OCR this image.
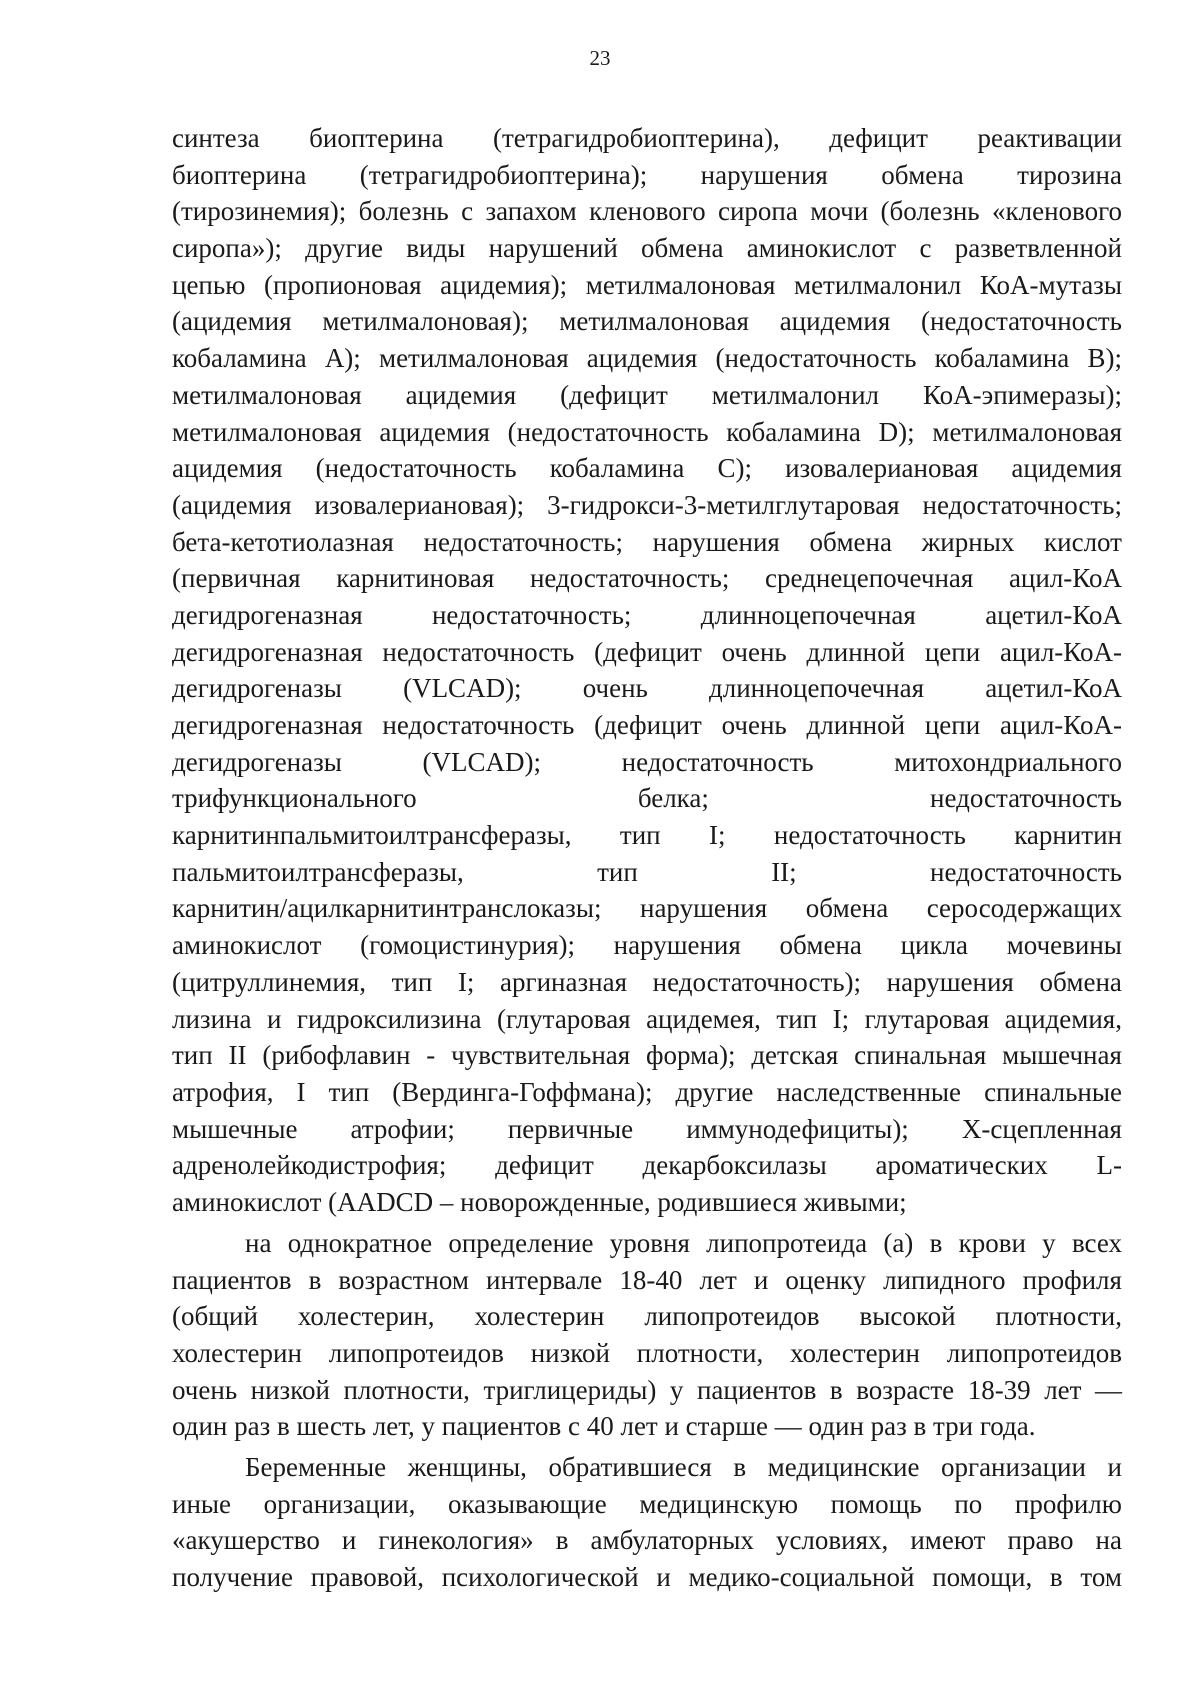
23
синтеза биоптерина (тетрагидробиоптерина), дефицит реактивации
биоптерина (тетрагидробиоптерина); нарушения обмена тирозина
(тирозинемия); болезнь с запахом кленового сиропа мочи (болезнь «кленового
сиропа»); другие виды нарушений обмена аминокислот с разветвленной
цепью (пропионовая ацидемия); метилмалоновая метилмалонил КоА-мутазы
(ацидемия метилмалоновая); метилмалоновая ацидемия (недостаточность
кобаламина А); метилмалоновая ацидемия (недостаточность кобаламина В);
метилмалоновая ацидемия (дефицит метилмалонил КоА-эпимеразы);
метилмалоновая ацидемия (недостаточность кобаламина D); метилмалоновая
ацидемия (недостаточность кобаламина С); изовалериановая ацидемия
(ацидемия изовалериановая); 3-гидрокси-3-метилглутаровая недостаточность;
бета-кетотиолазная недостаточность; нарушения обмена жирных кислот
(первичная карнитиновая недостаточность; среднецепочечная ацил-КоА
дегидрогеназная	недостаточность;	длинноцепочечная	ацетил-КоА
дегидрогеназная недостаточность (дефицит очень длинной цепи ацил-КоА-
дегидрогеназы (VLCAD); очень длинноцепочечная ацетил-КоА
дегидрогеназная недостаточность (дефицит очень длинной цепи ацил-КоА-
дегидрогеназы	(VLCAD);	недостаточность	митохондриального
трифункционального	белка;	недостаточность
карнитинпальмитоилтрансферазы, тип I; недостаточность карнитин
пальмитоилтрансферазы,	тип	II;	недостаточность
карнитин/ацилкарнитинтранслоказы; нарушения обмена серосодержащих
аминокислот (гомоцистинурия); нарушения обмена цикла мочевины
(цитруллинемия, тип I; аргиназная недостаточность); нарушения обмена
лизина и гидроксилизина (глутаровая ацидемея, тип I; глутаровая ацидемия,
тип II (рибофлавин - чувствительная форма); детская спинальная мышечная
атрофия, I тип (Вердинга-Гоффмана); другие наследственные спинальные
мышечные атрофии; первичные иммунодефициты); Х-сцепленная
адренолейкодистрофия; дефицит декарбоксилазы ароматических L-
аминокислот (AADCD – новорожденные, родившиеся живыми;
на однократное определение уровня липопротеида (а) в крови у всех
пациентов в возрастном интервале 18-40 лет и оценку липидного профиля
(общий холестерин, холестерин липопротеидов высокой плотности,
холестерин липопротеидов низкой плотности, холестерин липопротеидов
очень низкой плотности, триглицериды) у пациентов в возрасте 18-39 лет —
один раз в шесть лет, у пациентов с 40 лет и старше — один раз в три года.
Беременные женщины, обратившиеся в медицинские организации и
иные организации, оказывающие медицинскую помощь по профилю
«акушерство и гинекология» в амбулаторных условиях, имеют право на
получение правовой, психологической и медико-социальной помощи, в том
